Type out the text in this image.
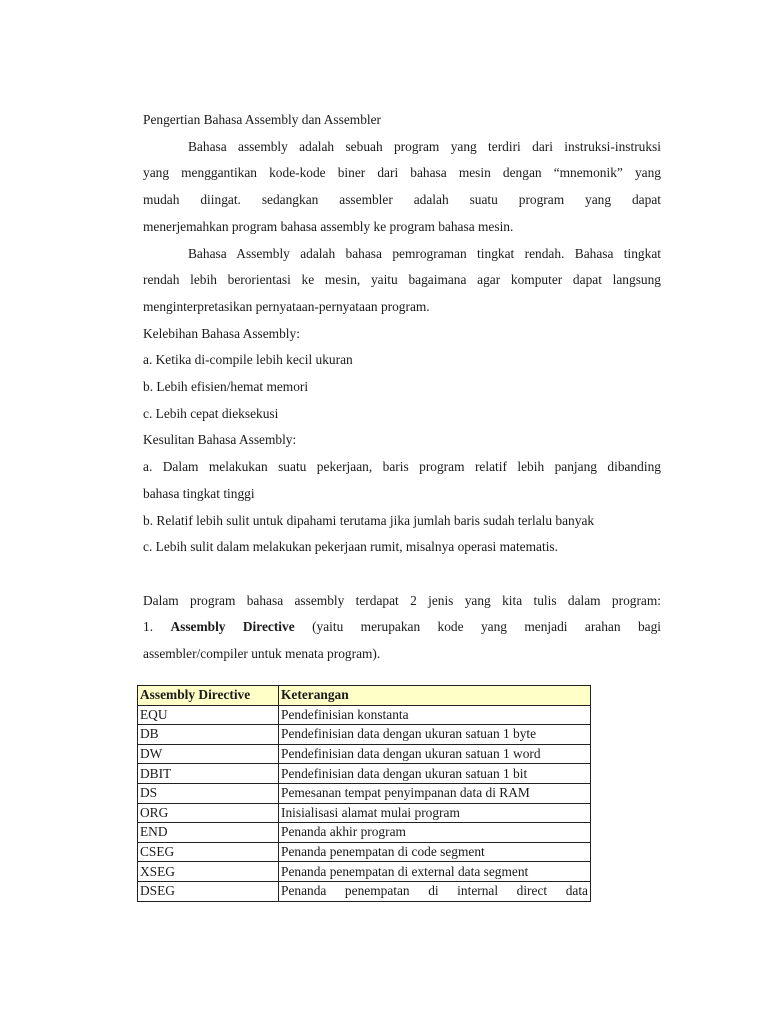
Pengertian Bahasa Assembly dan Assembler
Bahasa assembly adalah sebuah program yang terdiri dari instruksi-instruksi
yang menggantikan kode-kode biner dari bahasa mesin dengan “mnemonik” yang
mudah diingat. sedangkan assembler adalah suatu program yang dapat
menerjemahkan program bahasa assembly ke program bahasa mesin.
Bahasa Assembly adalah bahasa pemrograman tingkat rendah. Bahasa tingkat
rendah lebih berorientasi ke mesin, yaitu bagaimana agar komputer dapat langsung
menginterpretasikan pernyataan-pernyataan program.
Kelebihan Bahasa Assembly:
a. Ketika di-compile lebih kecil ukuran
b. Lebih efisien/hemat memori
c. Lebih cepat dieksekusi
Kesulitan Bahasa Assembly:
a. Dalam melakukan suatu pekerjaan, baris program relatif lebih panjang dibanding
bahasa tingkat tinggi
b. Relatif lebih sulit untuk dipahami terutama jika jumlah baris sudah terlalu banyak
c. Lebih sulit dalam melakukan pekerjaan rumit, misalnya operasi matematis.
Dalam program bahasa assembly terdapat 2 jenis yang kita tulis dalam program:
1. Assembly Directive (yaitu merupakan kode yang menjadi arahan bagi
assembler/compiler untuk menata program).
Assembly Directive	Keterangan
EQU	Pendefinisian konstanta
DB	Pendefinisian data dengan ukuran satuan 1 byte
DW	Pendefinisian data dengan ukuran satuan 1 word
DBIT	Pendefinisian data dengan ukuran satuan 1 bit
DS	Pemesanan tempat penyimpanan data di RAM
ORG	Inisialisasi alamat mulai program
END	Penanda akhir program
CSEG	Penanda penempatan di code segment
XSEG	Penanda penempatan di external data segment
DSEG	Penanda penempatan di internal direct data
